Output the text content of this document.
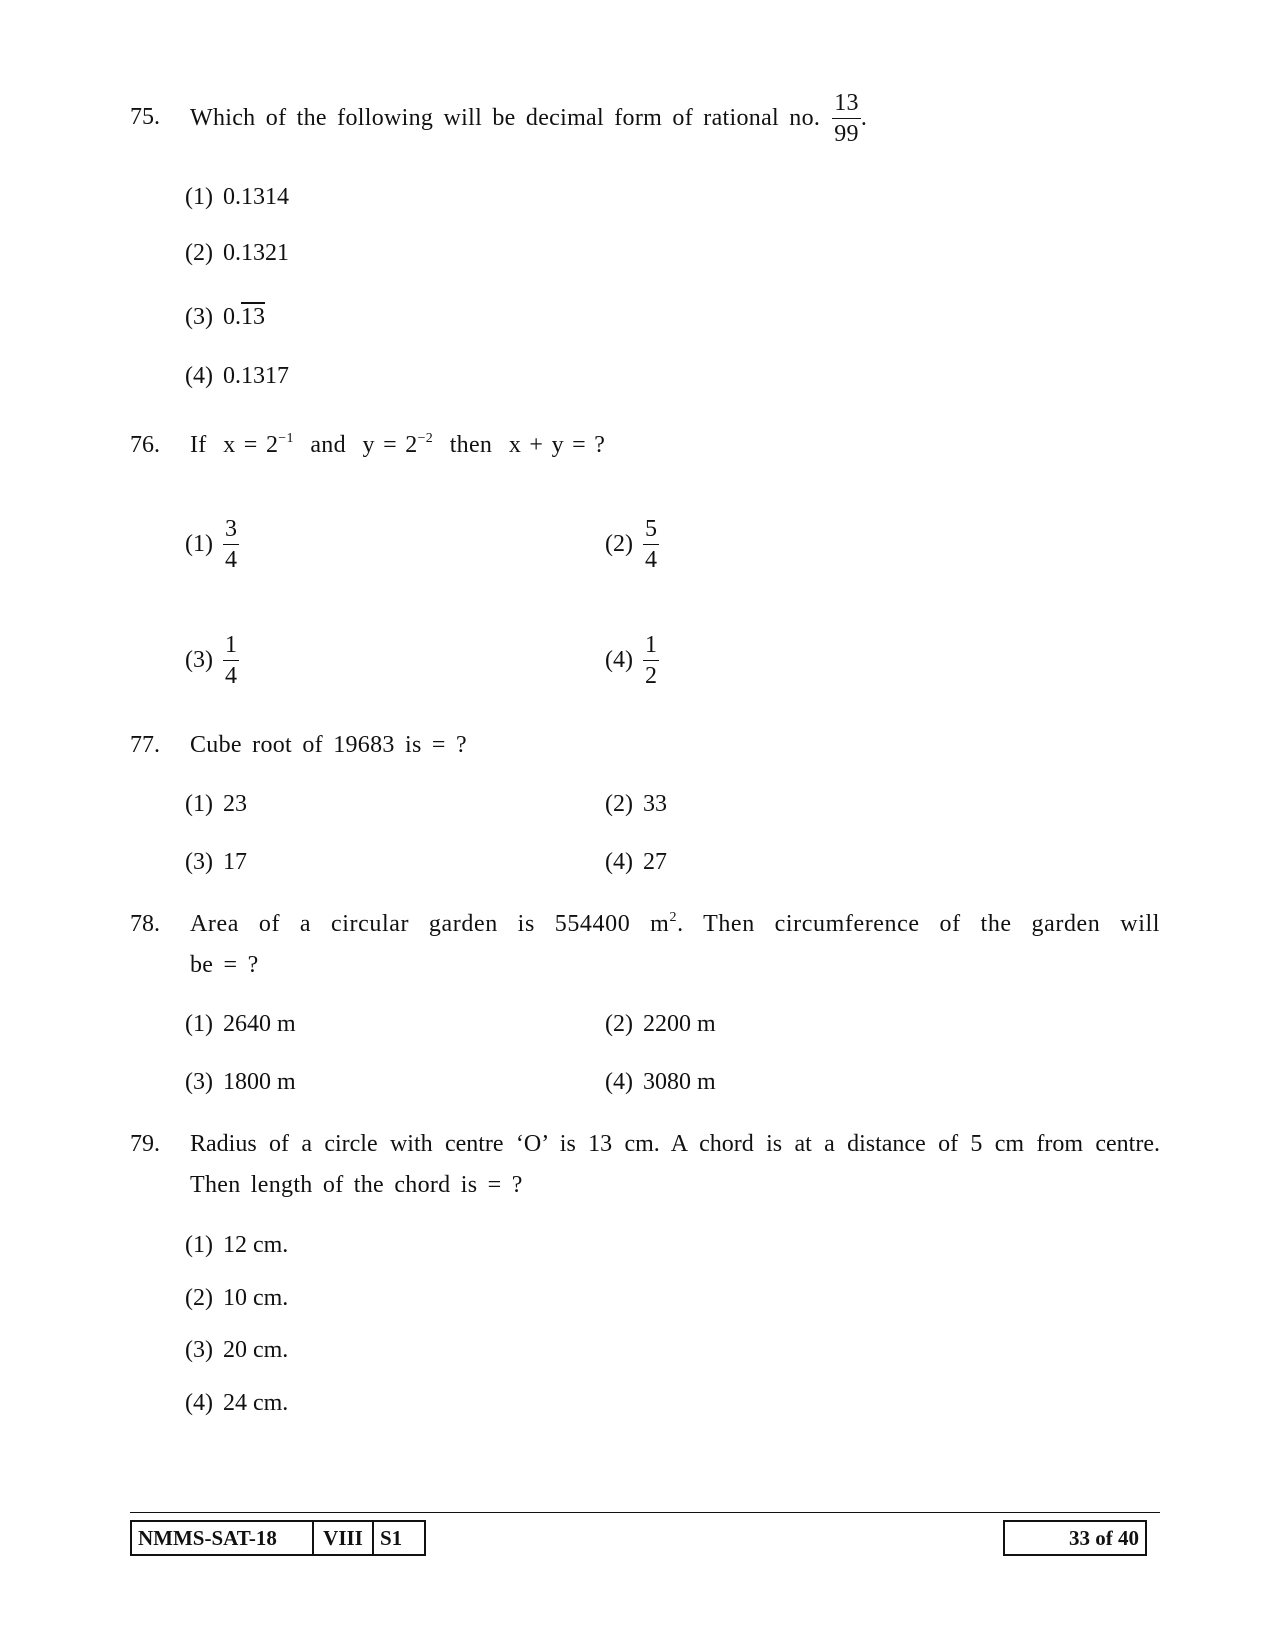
75. Which of the following will be decimal form of rational no. $\frac{13}{99}$ .
(1) 0.1314
(2) 0.1321
(3) 0.13
(4) 0.1317
76. If $x = 2^{-1}$ and $y = 2^{-2}$ then x + y = ?
$(1) \frac{3}{4}$	$(2) \frac{5}{4}$
$(3) \frac{1}{4}$	$(4) \frac{1}{2}$
77. Cube root of 19683 is = ?
(1) 23	(2) 33
(3) 17	(4) 27
78. Area of a circular garden is 554400 $m^2$. Then circumference of the garden will
be = ?
(1) 2640 m	(2) 2200 m
(3) 1800 m	(4) 3080 m
79. Radius of a circle with centre ‘O’ is 13 cm. A chord is at a distance of 5 cm from centre.
Then length of the chord is = ?
(1) 12 cm.
(2) 10 cm.
(3) 20 cm.
(4) 24 cm.
NMMS-SAT-18	VIII S1	33 of 40
